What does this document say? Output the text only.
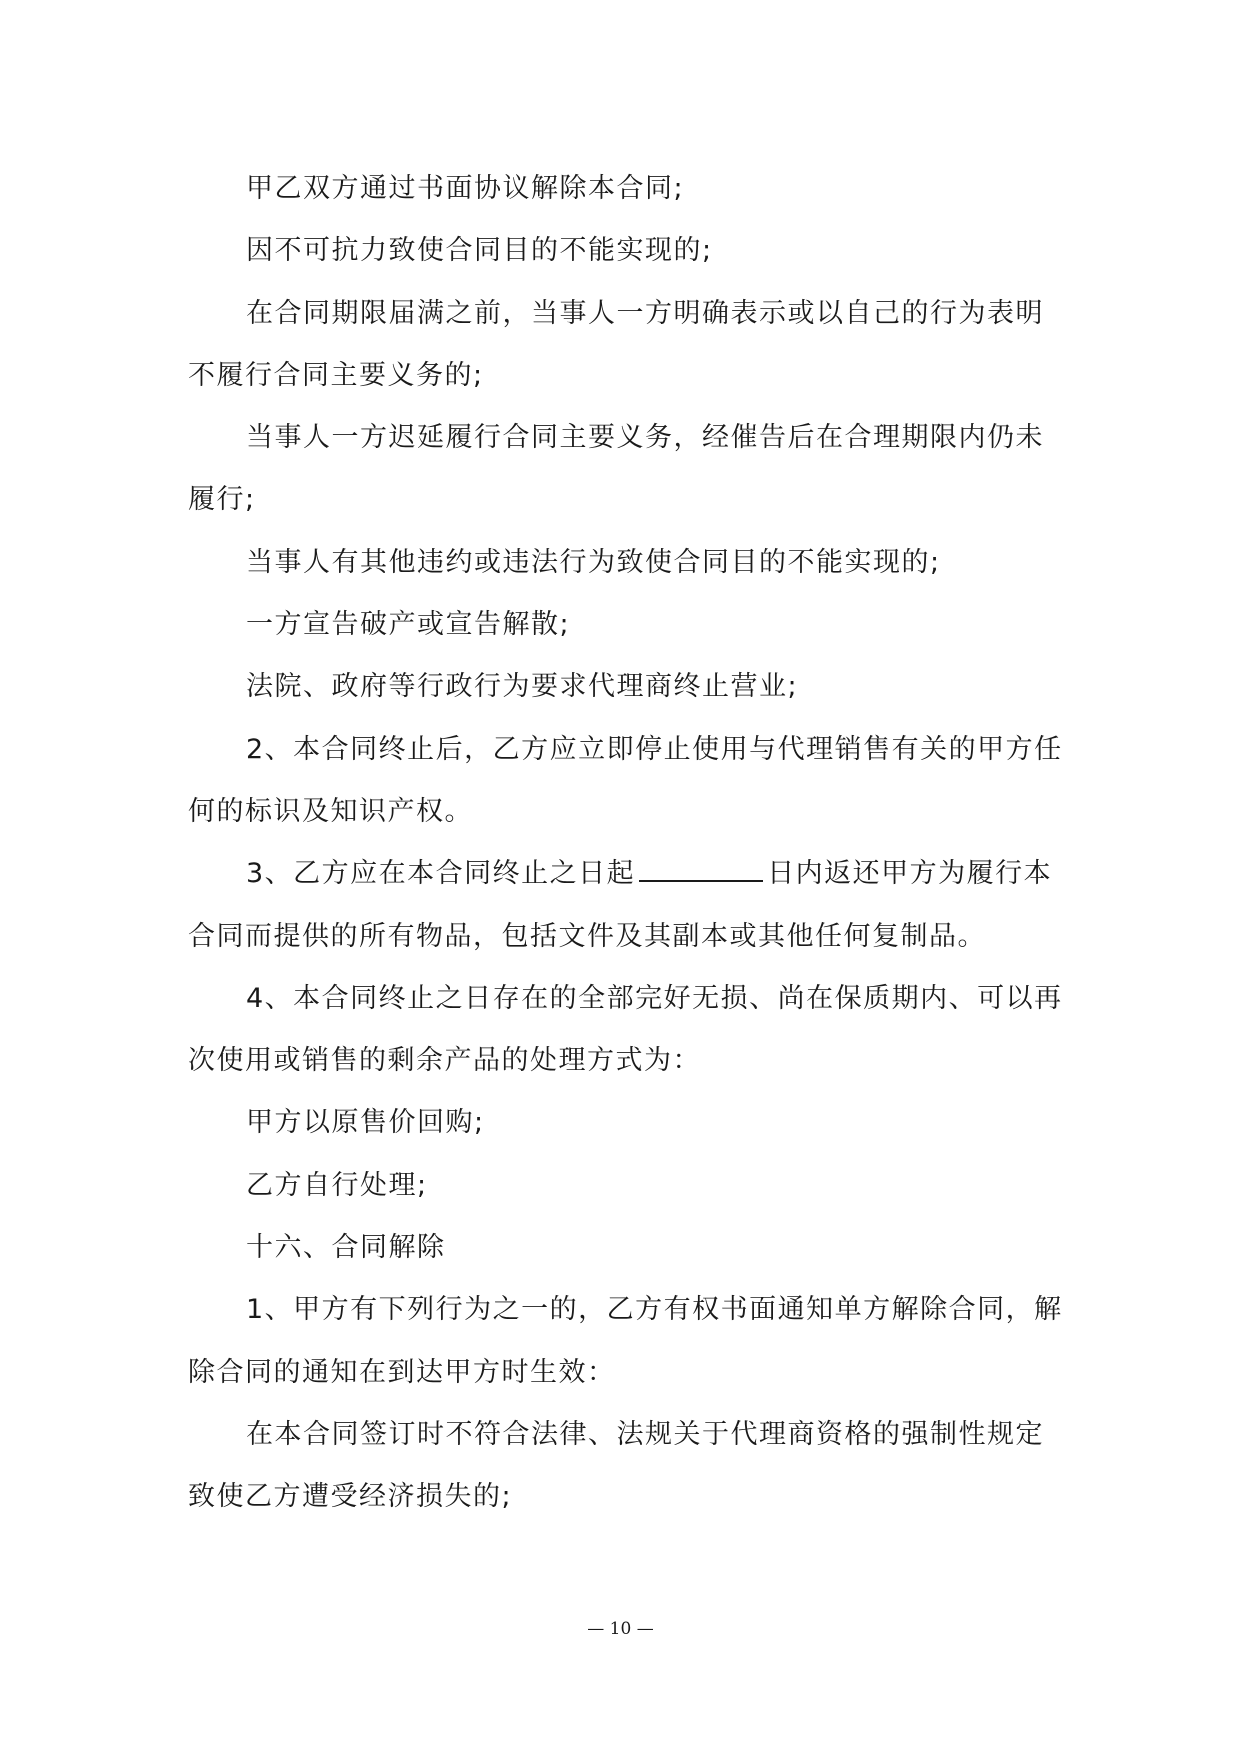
甲乙双方通过书面协议解除本合同;

因不可抗力致使合同目的不能实现的;

在合同期限届满之前，当事人一方明确表示或以自己的行为表明不履行合同主要义务的;

当事人一方迟延履行合同主要义务，经催告后在合理期限内仍未履行;

当事人有其他违约或违法行为致使合同目的不能实现的;

一方宣告破产或宣告解散;

法院、政府等行政行为要求代理商终止营业;

2、本合同终止后，乙方应立即停止使用与代理销售有关的甲方任何的标识及知识产权。

3、乙方应在本合同终止之日起	日内返还甲方为履行本合同而提供的所有物品，包括文件及其副本或其他任何复制品。

4、本合同终止之日存在的全部完好无损、尚在保质期内、可以再次使用或销售的剩余产品的处理方式为：

甲方以原售价回购;

乙方自行处理;

十六、合同解除

1、甲方有下列行为之一的，乙方有权书面通知单方解除合同，解除合同的通知在到达甲方时生效：

在本合同签订时不符合法律、法规关于代理商资格的强制性规定致使乙方遭受经济损失的;

— 10 —
